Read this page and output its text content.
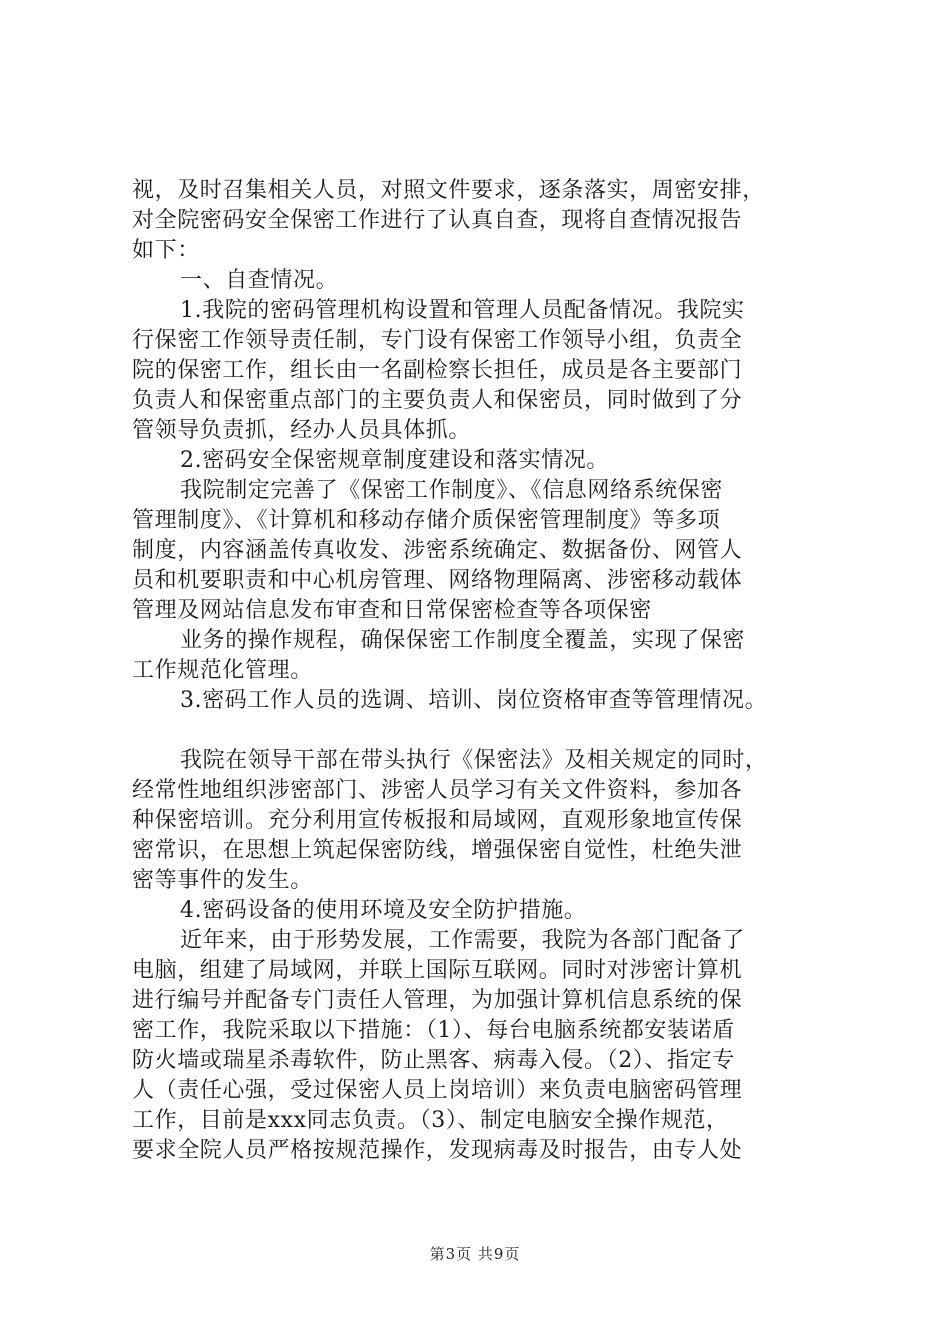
视，及时召集相关人员，对照文件要求，逐条落实，周密安排，
对全院密码安全保密工作进行了认真自查，现将自查情况报告
如下：
一、自查情况。
1.我院的密码管理机构设置和管理人员配备情况。我院实
行保密工作领导责任制，专门设有保密工作领导小组，负责全
院的保密工作，组长由一名副检察长担任，成员是各主要部门
负责人和保密重点部门的主要负责人和保密员，同时做到了分
管领导负责抓，经办人员具体抓。
2.密码安全保密规章制度建设和落实情况。
我院制定完善了《保密工作制度》、《信息网络系统保密
管理制度》、《计算机和移动存储介质保密管理制度》等多项
制度，内容涵盖传真收发、涉密系统确定、数据备份、网管人
员和机要职责和中心机房管理、网络物理隔离、涉密移动载体
管理及网站信息发布审查和日常保密检查等各项保密
业务的操作规程，确保保密工作制度全覆盖，实现了保密
工作规范化管理。
3.密码工作人员的选调、培训、岗位资格审查等管理情况。
我院在领导干部在带头执行《保密法》及相关规定的同时，
经常性地组织涉密部门、涉密人员学习有关文件资料，参加各
种保密培训。充分利用宣传板报和局域网，直观形象地宣传保
密常识，在思想上筑起保密防线，增强保密自觉性，杜绝失泄
密等事件的发生。
4.密码设备的使用环境及安全防护措施。
近年来，由于形势发展，工作需要，我院为各部门配备了
电脑，组建了局域网，并联上国际互联网。同时对涉密计算机
进行编号并配备专门责任人管理，为加强计算机信息系统的保
密工作，我院采取以下措施：（1）、每台电脑系统都安装诺盾
防火墙或瑞星杀毒软件，防止黑客、病毒入侵。（2）、指定专
人（责任心强，受过保密人员上岗培训）来负责电脑密码管理
工作，目前是xxx同志负责。（3）、制定电脑安全操作规范，
要求全院人员严格按规范操作，发现病毒及时报告，由专人处
第3页 共9页
